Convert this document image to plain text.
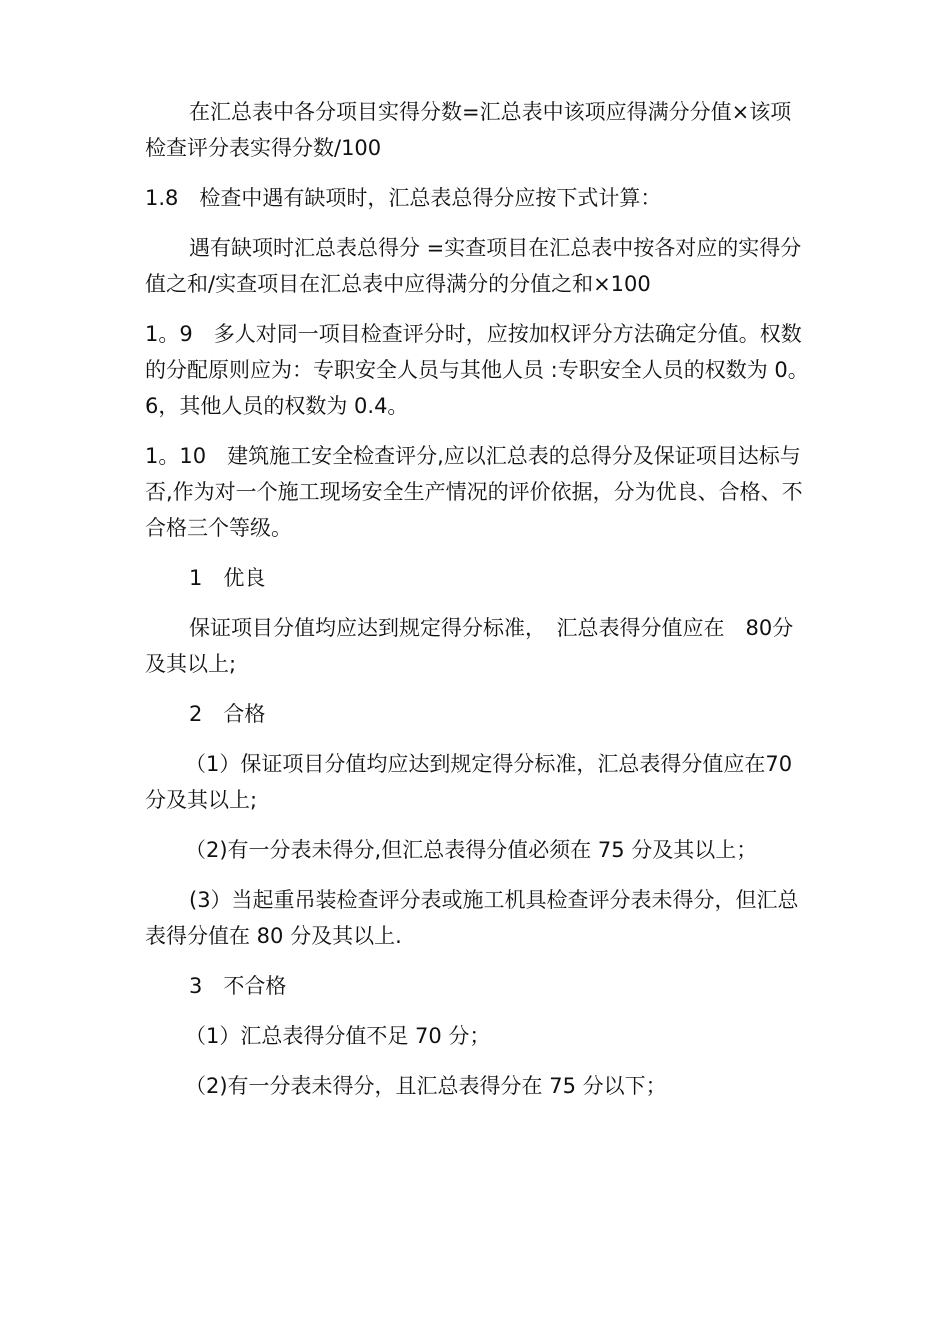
在汇总表中各分项目实得分数=汇总表中该项应得满分分值×该项检查评分表实得分数/100

1.8　检查中遇有缺项时，汇总表总得分应按下式计算：

遇有缺项时汇总表总得分 =实查项目在汇总表中按各对应的实得分值之和/实查项目在汇总表中应得满分的分值之和×100

1。9　多人对同一项目检查评分时，应按加权评分方法确定分值。权数的分配原则应为：专职安全人员与其他人员 :专职安全人员的权数为 0。6，其他人员的权数为 0.4。

1。10　建筑施工安全检查评分,应以汇总表的总得分及保证项目达标与否,作为对一个施工现场安全生产情况的评价依据，分为优良、合格、不合格三个等级。

1　优良

保证项目分值均应达到规定得分标准，　汇总表得分值应在　80分及其以上;

2　合格

（1）保证项目分值均应达到规定得分标准，汇总表得分值应在70 分及其以上;

（2)有一分表未得分,但汇总表得分值必须在 75 分及其以上；

(3）当起重吊装检查评分表或施工机具检查评分表未得分，但汇总表得分值在 80 分及其以上.

3　不合格

（1）汇总表得分值不足 70 分；

（2)有一分表未得分，且汇总表得分在 75 分以下；
